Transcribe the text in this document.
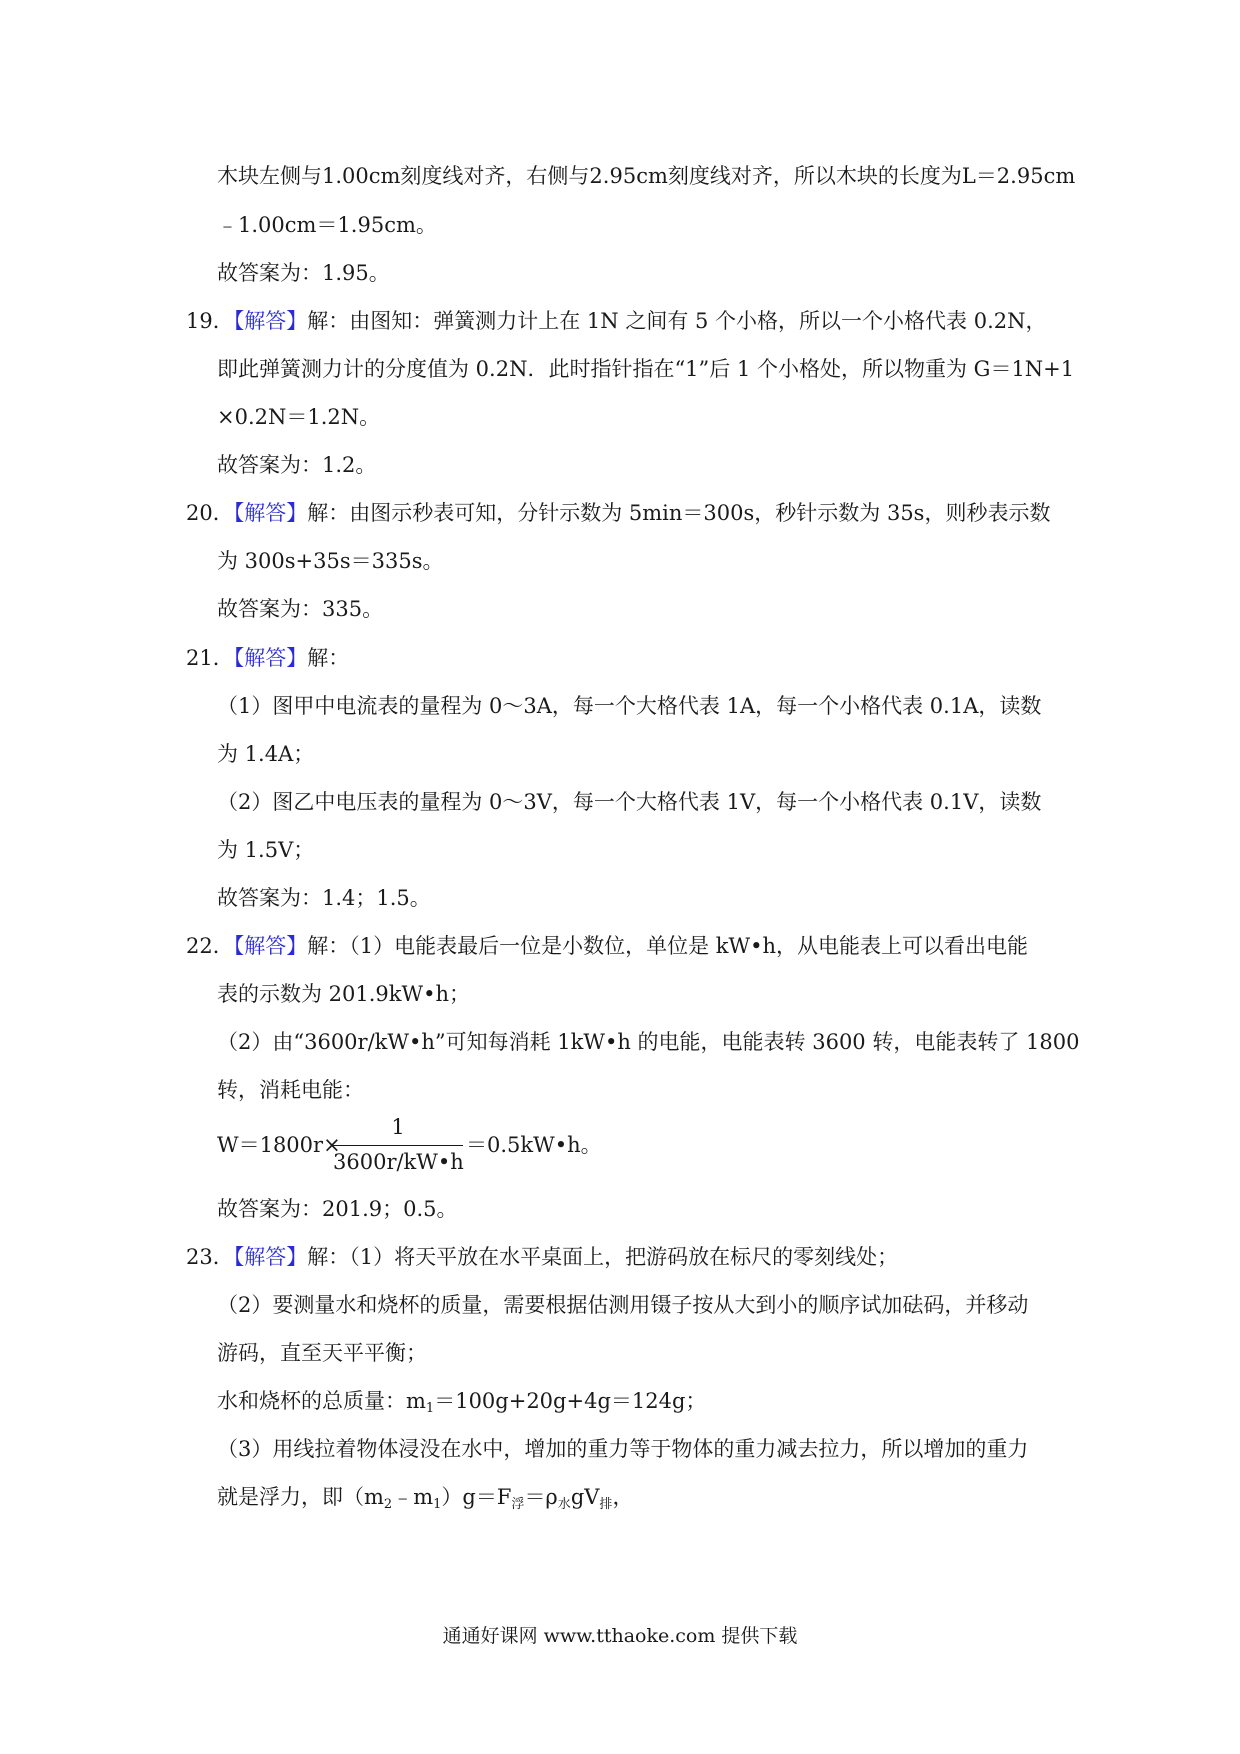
木块左侧与1.00cm刻度线对齐，右侧与2.95cm刻度线对齐，所以木块的长度为L＝2.95cm
﹣1.00cm＝1.95cm。
故答案为：1.95。
19．【解答】解：由图知：弹簧测力计上在 1N 之间有 5 个小格，所以一个小格代表 0.2N，
即此弹簧测力计的分度值为 0.2N．此时指针指在“1”后 1 个小格处，所以物重为 G＝1N+1
×0.2N＝1.2N。
故答案为：1.2。
20．【解答】解：由图示秒表可知，分针示数为 5min＝300s，秒针示数为 35s，则秒表示数
为 300s+35s＝335s。
故答案为：335。
21．【解答】解：
（1）图甲中电流表的量程为 0～3A，每一个大格代表 1A，每一个小格代表 0.1A，读数
为 1.4A；
（2）图乙中电压表的量程为 0～3V，每一个大格代表 1V，每一个小格代表 0.1V，读数
为 1.5V；
故答案为：1.4；1.5。
22．【解答】解：（1）电能表最后一位是小数位，单位是 kW•h，从电能表上可以看出电能
表的示数为 201.9kW•h；
（2）由“3600r/kW•h”可知每消耗 1kW•h 的电能，电能表转 3600 转，电能表转了 1800
转，消耗电能：
W＝1800r×
1
3600r/kW•h
＝0.5kW•h。
故答案为：201.9；0.5。
23．【解答】解：（1）将天平放在水平桌面上，把游码放在标尺的零刻线处；
（2）要测量水和烧杯的质量，需要根据估测用镊子按从大到小的顺序试加砝码，并移动
游码，直至天平平衡；
水和烧杯的总质量：$m_1=100g+20g+4g=124g$；
（3）用线拉着物体浸没在水中，增加的重力等于物体的重力减去拉力，所以增加的重力
就是浮力，即$(m_2﹣m_1)g=F_浮=\rho_水gV_排$，
通通好课网 www.tthaoke.com 提供下载
